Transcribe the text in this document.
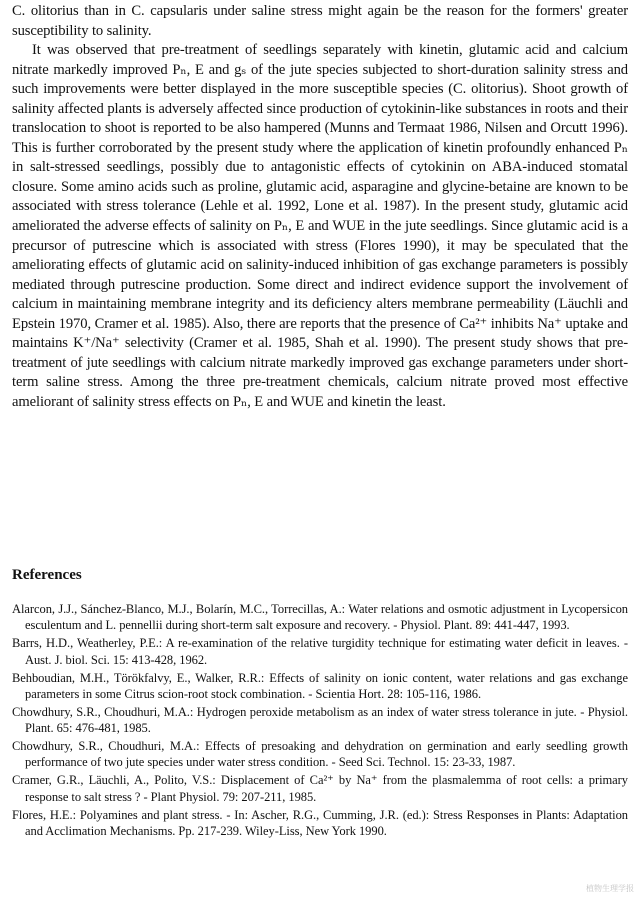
C. olitorius than in C. capsularis under saline stress might again be the reason for the formers' greater susceptibility to salinity.

It was observed that pre-treatment of seedlings separately with kinetin, glutamic acid and calcium nitrate markedly improved Pₙ, E and gₛ of the jute species subjected to short-duration salinity stress and such improvements were better displayed in the more susceptible species (C. olitorius). Shoot growth of salinity affected plants is adversely affected since production of cytokinin-like substances in roots and their translocation to shoot is reported to be also hampered (Munns and Termaat 1986, Nilsen and Orcutt 1996). This is further corroborated by the present study where the application of kinetin profoundly enhanced Pₙ in salt-stressed seedlings, possibly due to antagonistic effects of cytokinin on ABA-induced stomatal closure. Some amino acids such as proline, glutamic acid, asparagine and glycine-betaine are known to be associated with stress tolerance (Lehle et al. 1992, Lone et al. 1987). In the present study, glutamic acid ameliorated the adverse effects of salinity on Pₙ, E and WUE in the jute seedlings. Since glutamic acid is a precursor of putrescine which is associated with stress (Flores 1990), it may be speculated that the ameliorating effects of glutamic acid on salinity-induced inhibition of gas exchange parameters is possibly mediated through putrescine production. Some direct and indirect evidence support the involvement of calcium in maintaining membrane integrity and its deficiency alters membrane permeability (Läuchli and Epstein 1970, Cramer et al. 1985). Also, there are reports that the presence of Ca²⁺ inhibits Na⁺ uptake and maintains K⁺/Na⁺ selectivity (Cramer et al. 1985, Shah et al. 1990). The present study shows that pre-treatment of jute seedlings with calcium nitrate markedly improved gas exchange parameters under short-term saline stress. Among the three pre-treatment chemicals, calcium nitrate proved most effective ameliorant of salinity stress effects on Pₙ, E and WUE and kinetin the least.

References
Alarcon, J.J., Sánchez-Blanco, M.J., Bolarín, M.C., Torrecillas, A.: Water relations and osmotic adjustment in Lycopersicon esculentum and L. pennellii during short-term salt exposure and recovery. - Physiol. Plant. 89: 441-447, 1993.
Barrs, H.D., Weatherley, P.E.: A re-examination of the relative turgidity technique for estimating water deficit in leaves. - Aust. J. biol. Sci. 15: 413-428, 1962.
Behboudian, M.H., Törökfalvy, E., Walker, R.R.: Effects of salinity on ionic content, water relations and gas exchange parameters in some Citrus scion-root stock combination. - Scientia Hort. 28: 105-116, 1986.
Chowdhury, S.R., Choudhuri, M.A.: Hydrogen peroxide metabolism as an index of water stress tolerance in jute. - Physiol. Plant. 65: 476-481, 1985.
Chowdhury, S.R., Choudhuri, M.A.: Effects of presoaking and dehydration on germination and early seedling growth performance of two jute species under water stress condition. - Seed Sci. Technol. 15: 23-33, 1987.
Cramer, G.R., Läuchli, A., Polito, V.S.: Displacement of Ca²⁺ by Na⁺ from the plasmalemma of root cells: a primary response to salt stress ? - Plant Physiol. 79: 207-211, 1985.
Flores, H.E.: Polyamines and plant stress. - In: Ascher, R.G., Cumming, J.R. (ed.): Stress Responses in Plants: Adaptation and Acclimation Mechanisms. Pp. 217-239. Wiley-Liss, New York 1990.
植物生理学报
